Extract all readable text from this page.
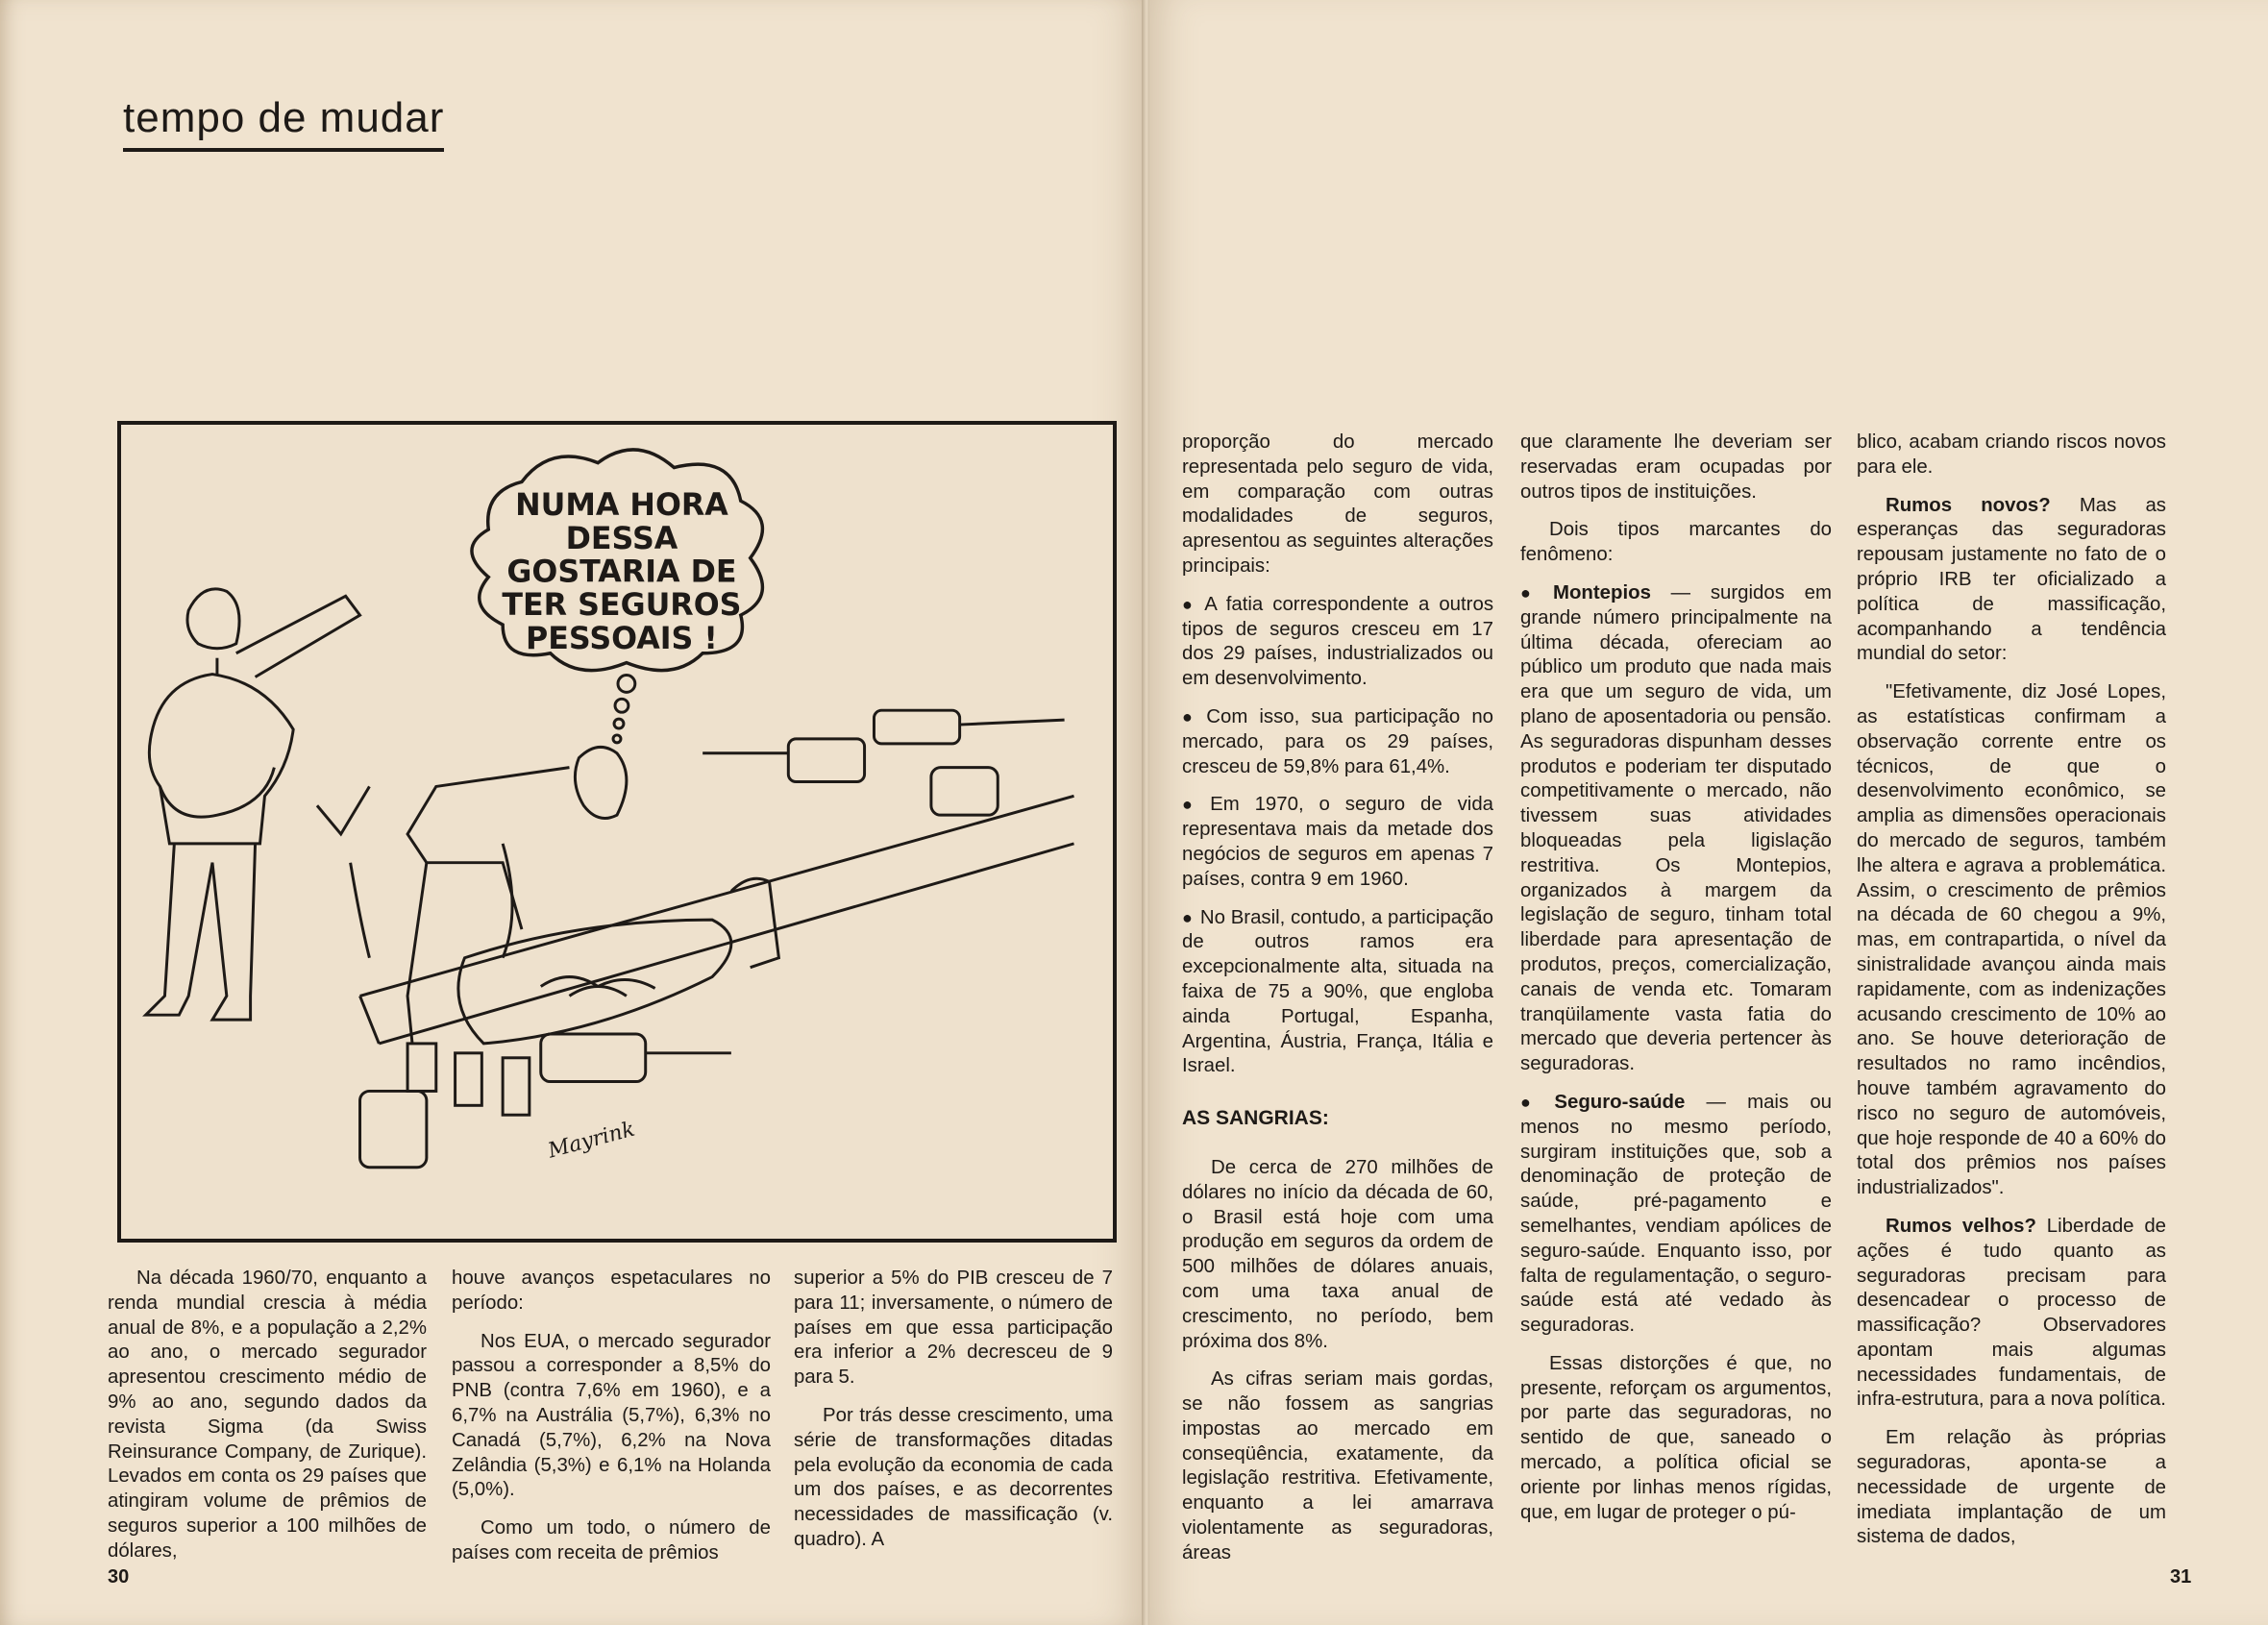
tempo de mudar
NUMA HORA
DESSA
GOSTARIA DE
TER SEGUROS
PESSOAIS !
Mayrink

Na década 1960/70, enquanto a renda mundial crescia à média anual de 8%, e a população a 2,2% ao ano, o mercado segurador apresentou crescimento médio de 9% ao ano, segundo dados da revista Sigma (da Swiss Reinsurance Company, de Zurique). Levados em conta os 29 países que atingiram volume de prêmios de seguros superior a 100 milhões de dólares,

houve avanços espetaculares no período:

Nos EUA, o mercado segurador passou a corresponder a 8,5% do PNB (contra 7,6% em 1960), e a 6,7% na Austrália (5,7%), 6,3% no Canadá (5,7%), 6,2% na Nova Zelândia (5,3%) e 6,1% na Holanda (5,0%).

Como um todo, o número de países com receita de prêmios

superior a 5% do PIB cresceu de 7 para 11; inversamente, o número de países em que essa participação era inferior a 2% decresceu de 9 para 5.

Por trás desse crescimento, uma série de transformações ditadas pela evolução da economia de cada um dos países, e as decorrentes necessidades de massificação (v. quadro). A

30

proporção do mercado representada pelo seguro de vida, em comparação com outras modalidades de seguros, apresentou as seguintes alterações principais:

● A fatia correspondente a outros tipos de seguros cresceu em 17 dos 29 países, industrializados ou em desenvolvimento.

● Com isso, sua participação no mercado, para os 29 países, cresceu de 59,8% para 61,4%.

● Em 1970, o seguro de vida representava mais da metade dos negócios de seguros em apenas 7 países, contra 9 em 1960.

● No Brasil, contudo, a participação de outros ramos era excepcionalmente alta, situada na faixa de 75 a 90%, que engloba ainda Portugal, Espanha, Argentina, Áustria, França, Itália e Israel.

AS SANGRIAS:

De cerca de 270 milhões de dólares no início da década de 60, o Brasil está hoje com uma produção em seguros da ordem de 500 milhões de dólares anuais, com uma taxa anual de crescimento, no período, bem próxima dos 8%.

As cifras seriam mais gordas, se não fossem as sangrias impostas ao mercado em conseqüência, exatamente, da legislação restritiva. Efetivamente, enquanto a lei amarrava violentamente as seguradoras, áreas

que claramente lhe deveriam ser reservadas eram ocupadas por outros tipos de instituições.

Dois tipos marcantes do fenômeno:

● Montepios — surgidos em grande número principalmente na última década, ofereciam ao público um produto que nada mais era que um seguro de vida, um plano de aposentadoria ou pensão. As seguradoras dispunham desses produtos e poderiam ter disputado competitivamente o mercado, não tivessem suas atividades bloqueadas pela ligislação restritiva. Os Montepios, organizados à margem da legislação de seguro, tinham total liberdade para apresentação de produtos, preços, comercialização, canais de venda etc. Tomaram tranqüilamente vasta fatia do mercado que deveria pertencer às seguradoras.

● Seguro-saúde — mais ou menos no mesmo período, surgiram instituições que, sob a denominação de proteção de saúde, pré-pagamento e semelhantes, vendiam apólices de seguro-saúde. Enquanto isso, por falta de regulamentação, o seguro-saúde está até vedado às seguradoras.

Essas distorções é que, no presente, reforçam os argumentos, por parte das seguradoras, no sentido de que, saneado o mercado, a política oficial se oriente por linhas menos rígidas, que, em lugar de proteger o pú-

blico, acabam criando riscos novos para ele.

Rumos novos? Mas as esperanças das seguradoras repousam justamente no fato de o próprio IRB ter oficializado a política de massificação, acompanhando a tendência mundial do setor:

"Efetivamente, diz José Lopes, as estatísticas confirmam a observação corrente entre os técnicos, de que o desenvolvimento econômico, se amplia as dimensões operacionais do mercado de seguros, também lhe altera e agrava a problemática. Assim, o crescimento de prêmios na década de 60 chegou a 9%, mas, em contrapartida, o nível da sinistralidade avançou ainda mais rapidamente, com as indenizações acusando crescimento de 10% ao ano. Se houve deterioração de resultados no ramo incêndios, houve também agravamento do risco no seguro de automóveis, que hoje responde de 40 a 60% do total dos prêmios nos países industrializados".

Rumos velhos? Liberdade de ações é tudo quanto as seguradoras precisam para desencadear o processo de massificação? Observadores apontam mais algumas necessidades fundamentais, de infra-estrutura, para a nova política.

Em relação às próprias seguradoras, aponta-se a necessidade de urgente de imediata implantação de um sistema de dados,

31
